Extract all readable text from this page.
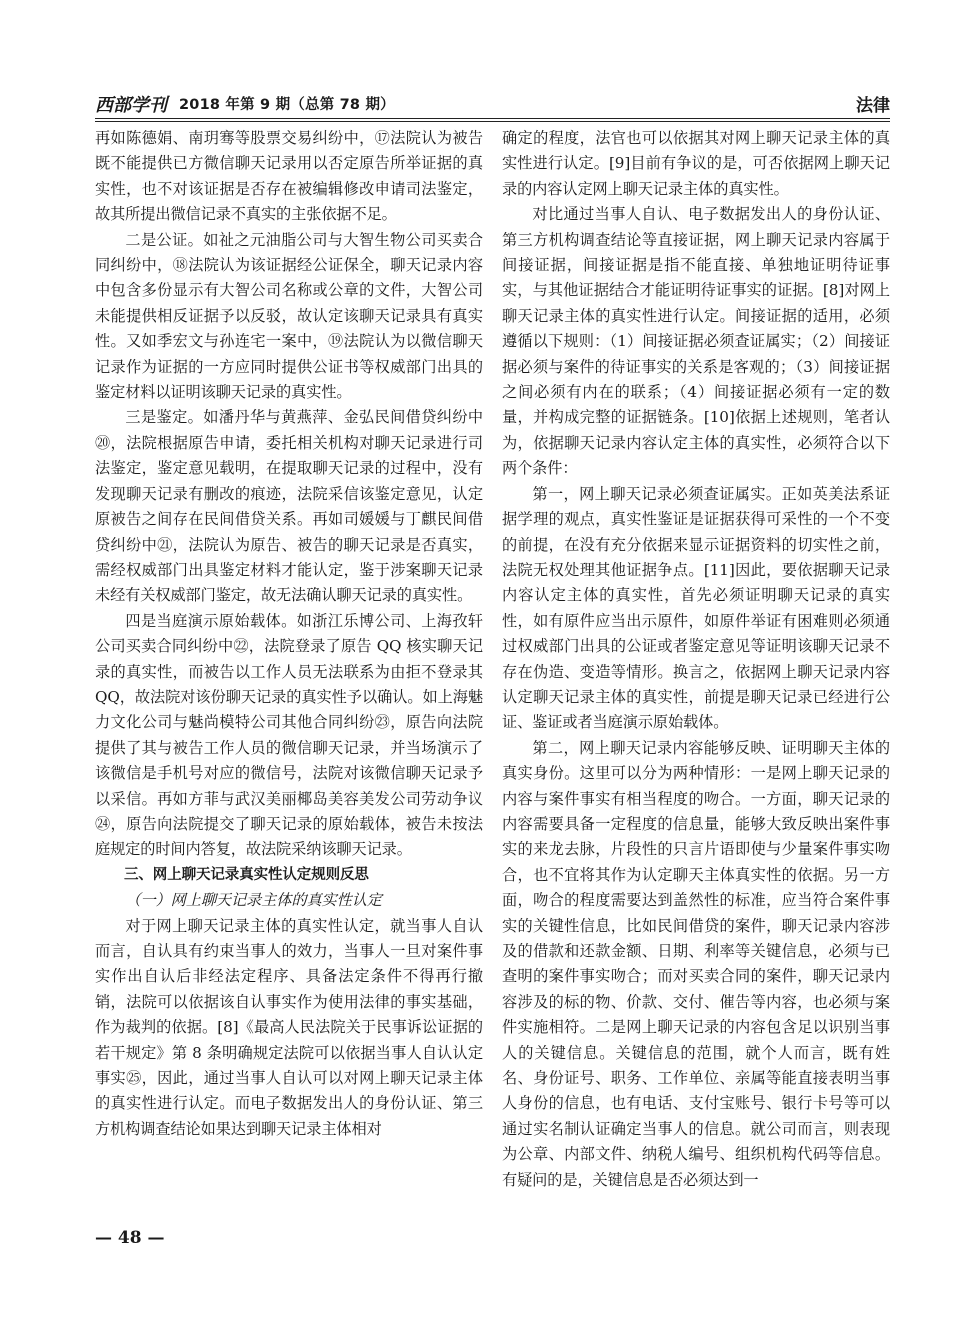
西部学刊 2018 年第 9 期（总第 78 期）	法律

再如陈德娟、南玥骞等股票交易纠纷中，⑰法院认为被告既不能提供已方微信聊天记录用以否定原告所举证据的真实性，也不对该证据是否存在被编辑修改申请司法鉴定，故其所提出微信记录不真实的主张依据不足。

二是公证。如祉之元油脂公司与大智生物公司买卖合同纠纷中，⑱法院认为该证据经公证保全，聊天记录内容中包含多份显示有大智公司名称或公章的文件，大智公司未能提供相反证据予以反驳，故认定该聊天记录具有真实性。又如季宏文与孙连宅一案中，⑲法院认为以微信聊天记录作为证据的一方应同时提供公证书等权威部门出具的鉴定材料以证明该聊天记录的真实性。

三是鉴定。如潘丹华与黄燕萍、金弘民间借贷纠纷中⑳，法院根据原告申请，委托相关机构对聊天记录进行司法鉴定，鉴定意见载明，在提取聊天记录的过程中，没有发现聊天记录有删改的痕迹，法院采信该鉴定意见，认定原被告之间存在民间借贷关系。再如司媛媛与丁麒民间借贷纠纷中㉑，法院认为原告、被告的聊天记录是否真实，需经权威部门出具鉴定材料才能认定，鉴于涉案聊天记录未经有关权威部门鉴定，故无法确认聊天记录的真实性。

四是当庭演示原始载体。如浙江乐博公司、上海孜轩公司买卖合同纠纷中㉒，法院登录了原告 QQ 核实聊天记录的真实性，而被告以工作人员无法联系为由拒不登录其 QQ，故法院对该份聊天记录的真实性予以确认。如上海魅力文化公司与魅尚模特公司其他合同纠纷㉓，原告向法院提供了其与被告工作人员的微信聊天记录，并当场演示了该微信是手机号对应的微信号，法院对该微信聊天记录予以采信。再如方菲与武汉美丽椰岛美容美发公司劳动争议㉔，原告向法院提交了聊天记录的原始载体，被告未按法庭规定的时间内答复，故法院采纳该聊天记录。

三、网上聊天记录真实性认定规则反思

（一）网上聊天记录主体的真实性认定

对于网上聊天记录主体的真实性认定，就当事人自认而言，自认具有约束当事人的效力，当事人一旦对案件事实作出自认后非经法定程序、具备法定条件不得再行撤销，法院可以依据该自认事实作为使用法律的事实基础，作为裁判的依据。[8]《最高人民法院关于民事诉讼证据的若干规定》第 8 条明确规定法院可以依据当事人自认认定事实㉕，因此，通过当事人自认可以对网上聊天记录主体的真实性进行认定。而电子数据发出人的身份认证、第三方机构调查结论如果达到聊天记录主体相对

确定的程度，法官也可以依据其对网上聊天记录主体的真实性进行认定。[9]目前有争议的是，可否依据网上聊天记录的内容认定网上聊天记录主体的真实性。

对比通过当事人自认、电子数据发出人的身份认证、第三方机构调查结论等直接证据，网上聊天记录内容属于间接证据，间接证据是指不能直接、单独地证明待证事实，与其他证据结合才能证明待证事实的证据。[8]对网上聊天记录主体的真实性进行认定。间接证据的适用，必须遵循以下规则：（1）间接证据必须查证属实；（2）间接证据必须与案件的待证事实的关系是客观的；（3）间接证据之间必须有内在的联系；（4）间接证据必须有一定的数量，并构成完整的证据链条。[10]依据上述规则，笔者认为，依据聊天记录内容认定主体的真实性，必须符合以下两个条件：

第一，网上聊天记录必须查证属实。正如英美法系证据学理的观点，真实性鉴证是证据获得可采性的一个不变的前提，在没有充分依据来显示证据资料的切实性之前，法院无权处理其他证据争点。[11]因此，要依据聊天记录内容认定主体的真实性，首先必须证明聊天记录的真实性，如有原件应当出示原件，如原件举证有困难则必须通过权威部门出具的公证或者鉴定意见等证明该聊天记录不存在伪造、变造等情形。换言之，依据网上聊天记录内容认定聊天记录主体的真实性，前提是聊天记录已经进行公证、鉴证或者当庭演示原始载体。

第二，网上聊天记录内容能够反映、证明聊天主体的真实身份。这里可以分为两种情形：一是网上聊天记录的内容与案件事实有相当程度的吻合。一方面，聊天记录的内容需要具备一定程度的信息量，能够大致反映出案件事实的来龙去脉，片段性的只言片语即使与少量案件事实吻合，也不宜将其作为认定聊天主体真实性的依据。另一方面，吻合的程度需要达到盖然性的标准，应当符合案件事实的关键性信息，比如民间借贷的案件，聊天记录内容涉及的借款和还款金额、日期、利率等关键信息，必须与已查明的案件事实吻合；而对买卖合同的案件，聊天记录内容涉及的标的物、价款、交付、催告等内容，也必须与案件实施相符。二是网上聊天记录的内容包含足以识别当事人的关键信息。关键信息的范围，就个人而言，既有姓名、身份证号、职务、工作单位、亲属等能直接表明当事人身份的信息，也有电话、支付宝账号、银行卡号等可以通过实名制认证确定当事人的信息。就公司而言，则表现为公章、内部文件、纳税人编号、组织机构代码等信息。有疑问的是，关键信息是否必须达到一

— 48 —
